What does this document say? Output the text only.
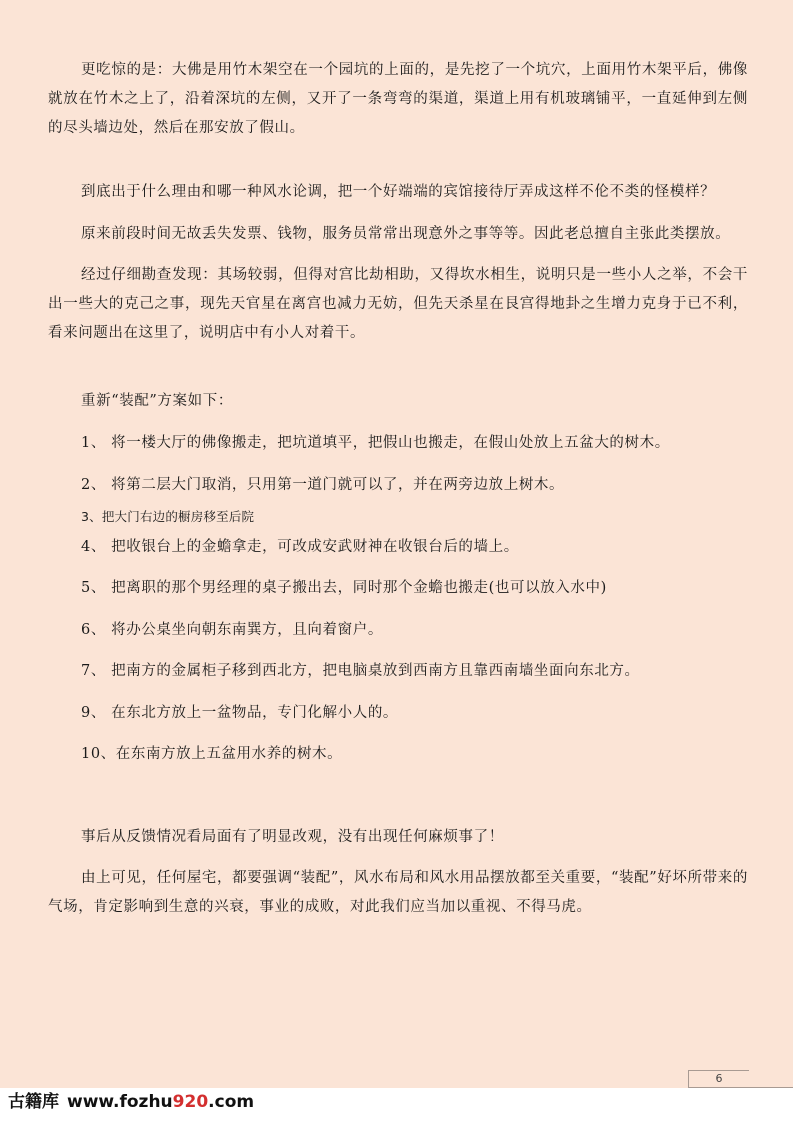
更吃惊的是：大佛是用竹木架空在一个园坑的上面的，是先挖了一个坑穴，上面用竹木架平后，佛像就放在竹木之上了，沿着深坑的左侧，又开了一条弯弯的渠道，渠道上用有机玻璃铺平，一直延伸到左侧的尽头墙边处，然后在那安放了假山。

到底出于什么理由和哪一种风水论调，把一个好端端的宾馆接待厅弄成这样不伦不类的怪模样？

原来前段时间无故丢失发票、钱物，服务员常常出现意外之事等等。因此老总擅自主张此类摆放。

经过仔细勘查发现：其场较弱，但得对宫比劫相助，又得坎水相生，说明只是一些小人之举，不会干出一些大的克己之事，现先天官星在离宫也减力无妨，但先天杀星在艮宫得地卦之生增力克身于已不利，看来问题出在这里了，说明店中有小人对着干。

重新“装配”方案如下：

1、 将一楼大厅的佛像搬走，把坑道填平，把假山也搬走，在假山处放上五盆大的树木。

2、 将第二层大门取消，只用第一道门就可以了，并在两旁边放上树木。

3、把大门右边的橱房移至后院

4、 把收银台上的金蟾拿走，可改成安武财神在收银台后的墙上。

5、 把离职的那个男经理的桌子搬出去，同时那个金蟾也搬走(也可以放入水中)

6、 将办公桌坐向朝东南巽方，且向着窗户。

7、 把南方的金属柜子移到西北方，把电脑桌放到西南方且靠西南墙坐面向东北方。

9、 在东北方放上一盆物品，专门化解小人的。

10、在东南方放上五盆用水养的树木。

事后从反馈情况看局面有了明显改观，没有出现任何麻烦事了！

由上可见，任何屋宅，都要强调“装配”，风水布局和风水用品摆放都至关重要，“装配”好坏所带来的气场，肯定影响到生意的兴衰，事业的成败，对此我们应当加以重视、不得马虎。

6
古籍库 www.fozhu920.com
